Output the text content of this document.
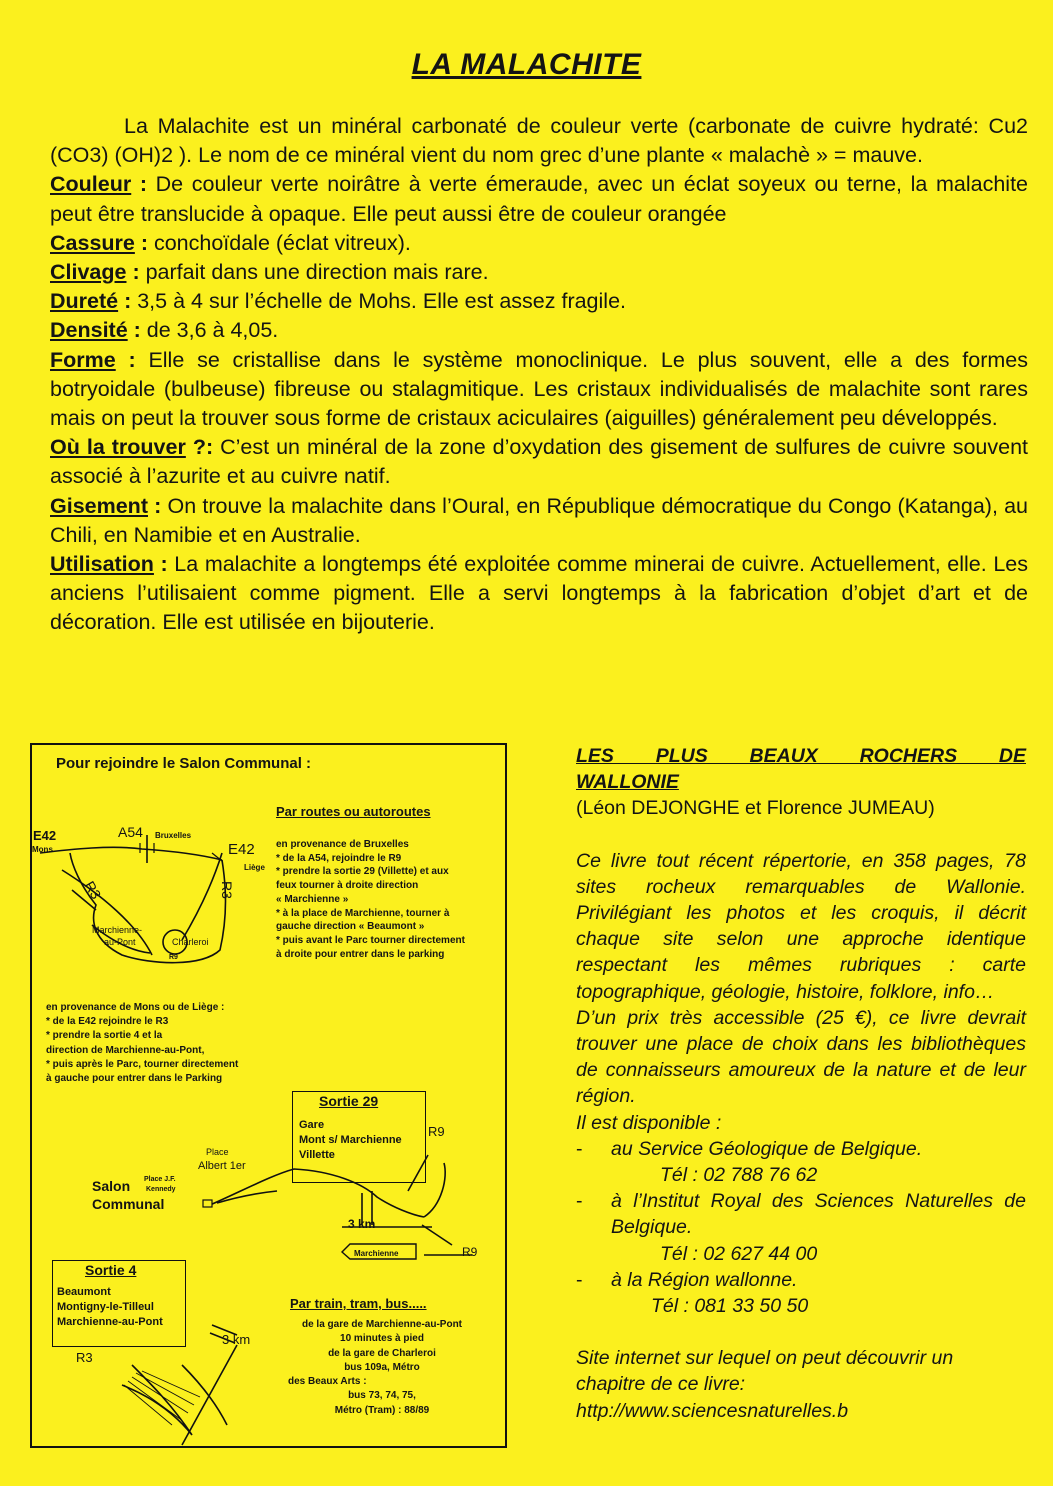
LA MALACHITE

La Malachite est un minéral carbonaté de couleur verte (carbonate de cuivre hydraté: Cu2 (CO3) (OH)2 ). Le nom de ce minéral vient du nom grec d’une plante « malachè » = mauve.

Couleur : De couleur verte noirâtre à verte émeraude, avec un éclat soyeux ou terne, la malachite peut être translucide à opaque. Elle peut aussi être de couleur orangée

Cassure : conchoïdale (éclat vitreux).

Clivage : parfait dans une direction mais rare.

Dureté : 3,5 à 4 sur l’échelle de Mohs. Elle est assez fragile.

Densité : de 3,6 à 4,05.

Forme : Elle se cristallise dans le système monoclinique. Le plus souvent, elle a des formes botryoidale (bulbeuse) fibreuse ou stalagmitique. Les cristaux individualisés de malachite sont rares mais on peut la trouver sous forme de cristaux aciculaires (aiguilles) généralement peu développés.

Où la trouver ?: C’est un minéral de la zone d’oxydation des gisement de sulfures de cuivre souvent associé à l’azurite et au cuivre natif.

Gisement : On trouve la malachite dans l’Oural, en République démocratique du Congo (Katanga), au Chili, en Namibie et en Australie.

Utilisation : La malachite a longtemps été exploitée comme minerai de cuivre. Actuellement, elle. Les anciens l’utilisaient comme pigment. Elle a servi longtemps à la fabrication d’objet d’art et de décoration. Elle est utilisée en bijouterie.

Pour rejoindre le Salon Communal :
Par routes ou autoroutes
E42
Mons
A54 Bruxelles
E42
Liège
R3	R3
Marchienne-
au-Pont	Charleroi
R9
en provenance de Bruxelles
* de la A54, rejoindre le R9
* prendre la sortie 29 (Villette) et aux
feux tourner à droite direction
« Marchienne »
* à la place de Marchienne, tourner à
gauche direction « Beaumont »
* puis avant le Parc tourner directement
à droite pour entrer dans le parking
en provenance de Mons ou de Liège :
* de la E42 rejoindre le R3
* prendre la sortie 4 et la
direction de Marchienne-au-Pont,
* puis après le Parc, tourner directement
à gauche pour entrer dans le Parking
Sortie 29
Gare
Mont s/ Marchienne
Villette
R9
Place
Albert 1er
Place J.F.
Kennedy
Salon
Communal
3 km
Marchienne	R9
Sortie 4
Beaumont
Montigny-le-Tilleul
Marchienne-au-Pont
3 km
R3
Par train, tram, bus.....
de la gare de Marchienne-au-Pont
10 minutes à pied
de la gare de Charleroi
bus 109a, Métro
des Beaux Arts :
bus 73, 74, 75,
Métro (Tram) : 88/89

LES PLUS BEAUX ROCHERS DE

WALLONIE

(Léon DEJONGHE et Florence JUMEAU)

Ce livre tout récent répertorie, en 358 pages, 78 sites rocheux remarquables de Wallonie. Privilégiant les photos et les croquis, il décrit chaque site selon une approche identique respectant les mêmes rubriques : carte topographique, géologie, histoire, folklore, info…

D’un prix très accessible (25 €), ce livre devrait trouver une place de choix dans les bibliothèques de connaisseurs amoureux de la nature et de leur région.

Il est disponible :

- au Service Géologique de Belgique.

Tél : 02 788 76 62

- à l’Institut Royal des Sciences Naturelles de Belgique.

Tél : 02 627 44 00

- à la Région wallonne.

Tél : 081 33 50 50

Site internet sur lequel on peut découvrir un chapitre de ce livre:

http://www.sciencesnaturelles.b
